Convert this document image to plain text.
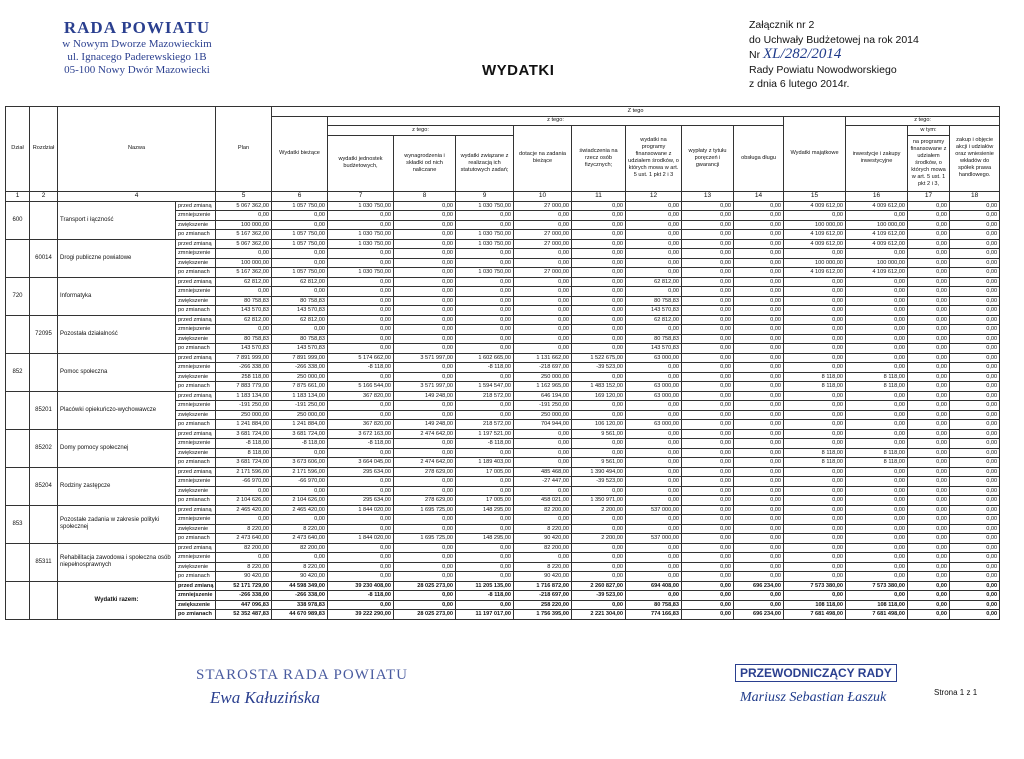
RADA POWIATU
w Nowym Dworze Mazowieckim
ul. Ignacego Paderewskiego 1B
05-100 Nowy Dwór Mazowiecki	WYDATKI
Załącznik nr 2
do Uchwały Budżetowej na rok 2014
Nr XL/282/2014
Rady Powiatu Nowodworskiego
z dnia 6 lutego 2014r.
Dział	Rozdział	Nazwa		Plan	Z tego												
					Wydatki bieżące	z tego:								Wydatki majątkowe	z tego:		
						z tego:			dotacje na zadania bieżące	świadczenia na rzecz osób fizycznych;	wydatki na programy finansowane z udziałem środków, o których mowa w art. 5 ust. 1 pkt 2 i 3	wypłaty z tytułu poręczeń i gwarancji	obsługa długu		inwestycje i zakupy inwestycyjne	w tym:	zakup i objęcie akcji i udziałów oraz wniesienie wkładów do spółek prawa handlowego.
						wydatki jednostek budżetowych,	wynagrodzenia i składki od nich naliczane	wydatki związane z realizacją ich statutowych zadań;								na programy finansowane z udziałem środków, o których mowa w art. 5 ust. 1 pkt 2 i 3,	
1	2	4		5	6	7	8	9	10	11	12	13	14	15	16	17	18
600		Transport i łączność	przed zmianą	5 067 362,00	1 057 750,00	1 030 750,00	0,00	1 030 750,00	27 000,00	0,00	0,00	0,00	0,00	4 009 612,00	4 009 612,00	0,00	0,00
			zmniejszenie	0,00	0,00	0,00	0,00	0,00	0,00	0,00	0,00	0,00	0,00	0,00	0,00	0,00	0,00
			zwiększenie	100 000,00	0,00	0,00	0,00	0,00	0,00	0,00	0,00	0,00	0,00	100 000,00	100 000,00	0,00	0,00
			po zmianach	5 167 362,00	1 057 750,00	1 030 750,00	0,00	1 030 750,00	27 000,00	0,00	0,00	0,00	0,00	4 109 612,00	4 109 612,00	0,00	0,00
	60014	Drogi publiczne powiatowe	przed zmianą	5 067 362,00	1 057 750,00	1 030 750,00	0,00	1 030 750,00	27 000,00	0,00	0,00	0,00	0,00	4 009 612,00	4 009 612,00	0,00	0,00
			zmniejszenie	0,00	0,00	0,00	0,00	0,00	0,00	0,00	0,00	0,00	0,00	0,00	0,00	0,00	0,00
			zwiększenie	100 000,00	0,00	0,00	0,00	0,00	0,00	0,00	0,00	0,00	0,00	100 000,00	100 000,00	0,00	0,00
			po zmianach	5 167 362,00	1 057 750,00	1 030 750,00	0,00	1 030 750,00	27 000,00	0,00	0,00	0,00	0,00	4 109 612,00	4 109 612,00	0,00	0,00
720		Informatyka	przed zmianą	62 812,00	62 812,00	0,00	0,00	0,00	0,00	0,00	62 812,00	0,00	0,00	0,00	0,00	0,00	0,00
			zmniejszenie	0,00	0,00	0,00	0,00	0,00	0,00	0,00	0,00	0,00	0,00	0,00	0,00	0,00	0,00
			zwiększenie	80 758,83	80 758,83	0,00	0,00	0,00	0,00	0,00	80 758,83	0,00	0,00	0,00	0,00	0,00	0,00
			po zmianach	143 570,83	143 570,83	0,00	0,00	0,00	0,00	0,00	143 570,83	0,00	0,00	0,00	0,00	0,00	0,00
	72095	Pozostała działalność	przed zmianą	62 812,00	62 812,00	0,00	0,00	0,00	0,00	0,00	62 812,00	0,00	0,00	0,00	0,00	0,00	0,00
			zmniejszenie	0,00	0,00	0,00	0,00	0,00	0,00	0,00	0,00	0,00	0,00	0,00	0,00	0,00	0,00
			zwiększenie	80 758,83	80 758,83	0,00	0,00	0,00	0,00	0,00	80 758,83	0,00	0,00	0,00	0,00	0,00	0,00
			po zmianach	143 570,83	143 570,83	0,00	0,00	0,00	0,00	0,00	143 570,83	0,00	0,00	0,00	0,00	0,00	0,00
852		Pomoc społeczna	przed zmianą	7 891 999,00	7 891 999,00	5 174 662,00	3 571 997,00	1 602 665,00	1 131 662,00	1 522 675,00	63 000,00	0,00	0,00	0,00	0,00	0,00	0,00
			zmniejszenie	-266 338,00	-266 338,00	-8 118,00	0,00	-8 118,00	-218 697,00	-39 523,00	0,00	0,00	0,00	0,00	0,00	0,00	0,00
			zwiększenie	258 118,00	250 000,00	0,00	0,00	0,00	250 000,00	0,00	0,00	0,00	0,00	8 118,00	8 118,00	0,00	0,00
			po zmianach	7 883 779,00	7 875 661,00	5 166 544,00	3 571 997,00	1 594 547,00	1 162 965,00	1 483 152,00	63 000,00	0,00	0,00	8 118,00	8 118,00	0,00	0,00
	85201	Placówki opiekuńczo-wychowawcze	przed zmianą	1 183 134,00	1 183 134,00	367 820,00	149 248,00	218 572,00	646 194,00	169 120,00	63 000,00	0,00	0,00	0,00	0,00	0,00	0,00
			zmniejszenie	-191 250,00	-191 250,00	0,00	0,00	0,00	-191 250,00	0,00	0,00	0,00	0,00	0,00	0,00	0,00	0,00
			zwiększenie	250 000,00	250 000,00	0,00	0,00	0,00	250 000,00	0,00	0,00	0,00	0,00	0,00	0,00	0,00	0,00
			po zmianach	1 241 884,00	1 241 884,00	367 820,00	149 248,00	218 572,00	704 944,00	106 120,00	63 000,00	0,00	0,00	0,00	0,00	0,00	0,00
	85202	Domy pomocy społecznej	przed zmianą	3 681 724,00	3 681 724,00	3 672 163,00	2 474 642,00	1 197 521,00	0,00	9 561,00	0,00	0,00	0,00	0,00	0,00	0,00	0,00
			zmniejszenie	-8 118,00	-8 118,00	-8 118,00	0,00	-8 118,00	0,00	0,00	0,00	0,00	0,00	0,00	0,00	0,00	0,00
			zwiększenie	8 118,00	0,00	0,00	0,00	0,00	0,00	0,00	0,00	0,00	0,00	8 118,00	8 118,00	0,00	0,00
			po zmianach	3 681 724,00	3 673 606,00	3 664 045,00	2 474 642,00	1 189 403,00	0,00	9 561,00	0,00	0,00	0,00	8 118,00	8 118,00	0,00	0,00
	85204	Rodziny zastępcze	przed zmianą	2 171 596,00	2 171 596,00	295 634,00	278 629,00	17 005,00	485 468,00	1 390 494,00	0,00	0,00	0,00	0,00	0,00	0,00	0,00
			zmniejszenie	-66 970,00	-66 970,00	0,00	0,00	0,00	-27 447,00	-39 523,00	0,00	0,00	0,00	0,00	0,00	0,00	0,00
			zwiększenie	0,00	0,00	0,00	0,00	0,00	0,00	0,00	0,00	0,00	0,00	0,00	0,00	0,00	0,00
			po zmianach	2 104 626,00	2 104 626,00	295 634,00	278 629,00	17 005,00	458 021,00	1 350 971,00	0,00	0,00	0,00	0,00	0,00	0,00	0,00
853		Pozostałe zadania w zakresie polityki społecznej	przed zmianą	2 465 420,00	2 465 420,00	1 844 020,00	1 695 725,00	148 295,00	82 200,00	2 200,00	537 000,00	0,00	0,00	0,00	0,00	0,00	0,00
			zmniejszenie	0,00	0,00	0,00	0,00	0,00	0,00	0,00	0,00	0,00	0,00	0,00	0,00	0,00	0,00
			zwiększenie	8 220,00	8 220,00	0,00	0,00	0,00	8 220,00	0,00	0,00	0,00	0,00	0,00	0,00	0,00	0,00
			po zmianach	2 473 640,00	2 473 640,00	1 844 020,00	1 695 725,00	148 295,00	90 420,00	2 200,00	537 000,00	0,00	0,00	0,00	0,00	0,00	0,00
	85311	Rehabilitacja zawodowa i społeczna osób niepełnosprawnych	przed zmianą	82 200,00	82 200,00	0,00	0,00	0,00	82 200,00	0,00	0,00	0,00	0,00	0,00	0,00	0,00	0,00
			zmniejszenie	0,00	0,00	0,00	0,00	0,00	0,00	0,00	0,00	0,00	0,00	0,00	0,00	0,00	0,00
			zwiększenie	8 220,00	8 220,00	0,00	0,00	0,00	8 220,00	0,00	0,00	0,00	0,00	0,00	0,00	0,00	0,00
			po zmianach	90 420,00	90 420,00	0,00	0,00	0,00	90 420,00	0,00	0,00	0,00	0,00	0,00	0,00	0,00	0,00
		Wydatki razem:	przed zmianą	52 171 729,00	44 598 349,00	39 230 408,00	28 025 273,00	11 205 135,00	1 716 872,00	2 260 827,00	694 408,00	0,00	696 234,00	7 573 380,00	7 573 380,00	0,00	0,00
			zmniejszenie	-266 338,00	-266 338,00	-8 118,00	0,00	-8 118,00	-218 697,00	-39 523,00	0,00	0,00	0,00	0,00	0,00	0,00	0,00
			zwiększenie	447 096,83	338 978,83	0,00	0,00	0,00	258 220,00	0,00	80 758,83	0,00	0,00	108 118,00	108 118,00	0,00	0,00
			po zmianach	52 352 487,83	44 670 989,83	39 222 290,00	28 025 273,00	11 197 017,00	1 756 395,00	2 221 304,00	774 166,83	0,00	696 234,00	7 681 498,00	7 681 498,00	0,00	0,00
STAROSTA RADA POWIATU
Ewa Kałuzińska
PRZEWODNICZĄCY RADY
Mariusz Sebastian Łaszuk	Strona 1 z 1
